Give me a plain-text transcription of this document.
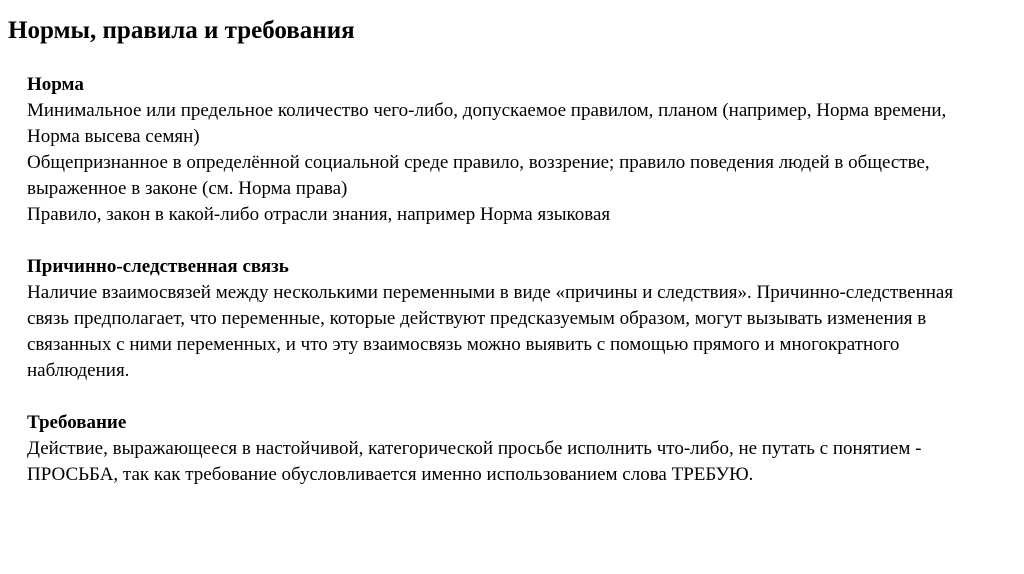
Нормы, правила и требования

Норма

Минимальное или предельное количество чего-либо, допускаемое правилом, планом (например, Норма времени, Норма высева семян)

Общепризнанное в определённой социальной среде правило, воззрение; правило поведения людей в обществе, выраженное в законе (см. Норма права)

Правило, закон в какой-либо отрасли знания, например Норма языковая

Причинно-следственная связь

Наличие взаимосвязей между несколькими переменными в виде «причины и следствия». Причинно-следственная связь предполагает, что переменные, которые действуют предсказуемым образом, могут вызывать изменения в связанных с ними переменных, и что эту взаимосвязь можно выявить с помощью прямого и многократного наблюдения.

Требование

Действие, выражающееся в настойчивой, категорической просьбе исполнить что-либо, не путать с понятием - ПРОСЬБА, так как требование обусловливается именно использованием слова ТРЕБУЮ.
